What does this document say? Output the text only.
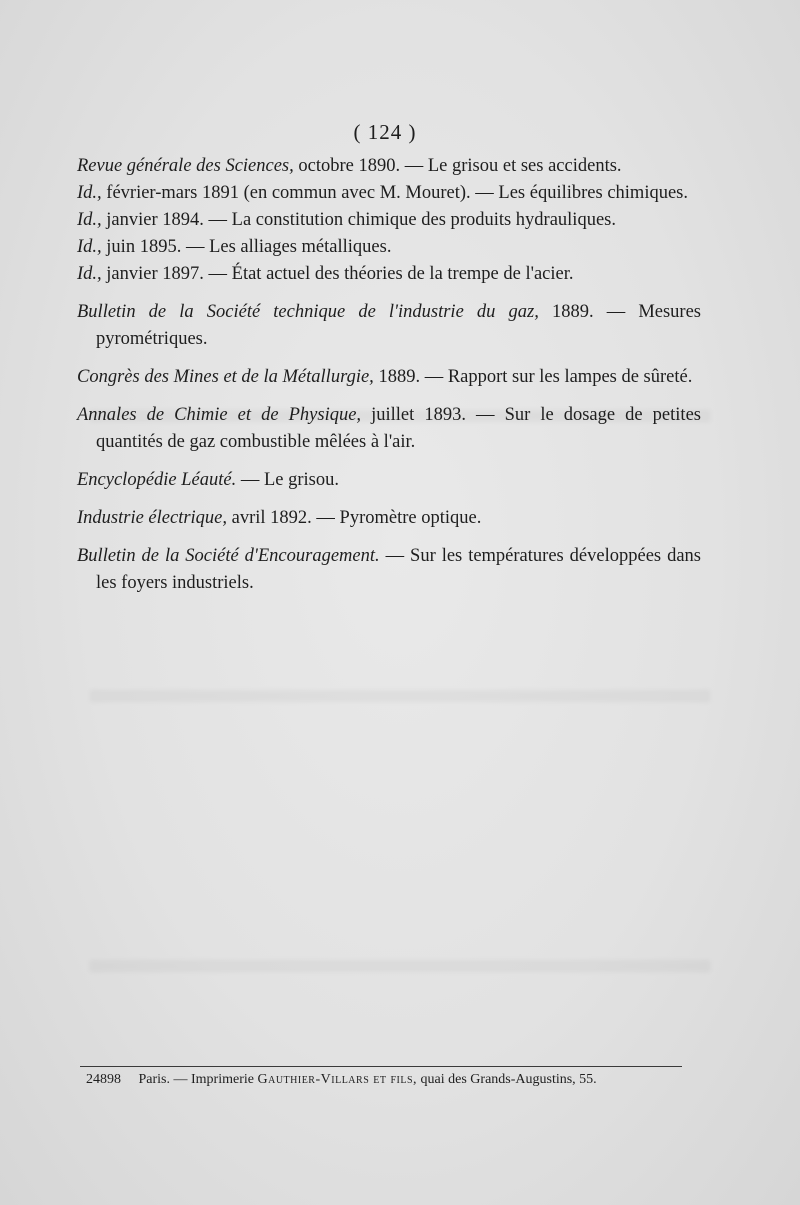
( 124 )
Revue générale des Sciences, octobre 1890. — Le grisou et ses accidents.
Id., février-mars 1891 (en commun avec M. Mouret). — Les équilibres chimiques.
Id., janvier 1894. — La constitution chimique des produits hydrauliques.
Id., juin 1895. — Les alliages métalliques.
Id., janvier 1897. — État actuel des théories de la trempe de l'acier.
Bulletin de la Société technique de l'industrie du gaz, 1889. — Mesures pyrométriques.
Congrès des Mines et de la Métallurgie, 1889. — Rapport sur les lampes de sûreté.
Annales de Chimie et de Physique, juillet 1893. — Sur le dosage de petites quantités de gaz combustible mêlées à l'air.
Encyclopédie Léauté. — Le grisou.
Industrie électrique, avril 1892. — Pyromètre optique.
Bulletin de la Société d'Encouragement. — Sur les températures développées dans les foyers industriels.
24898 Paris. — Imprimerie Gauthier-Villars et fils, quai des Grands-Augustins, 55.
